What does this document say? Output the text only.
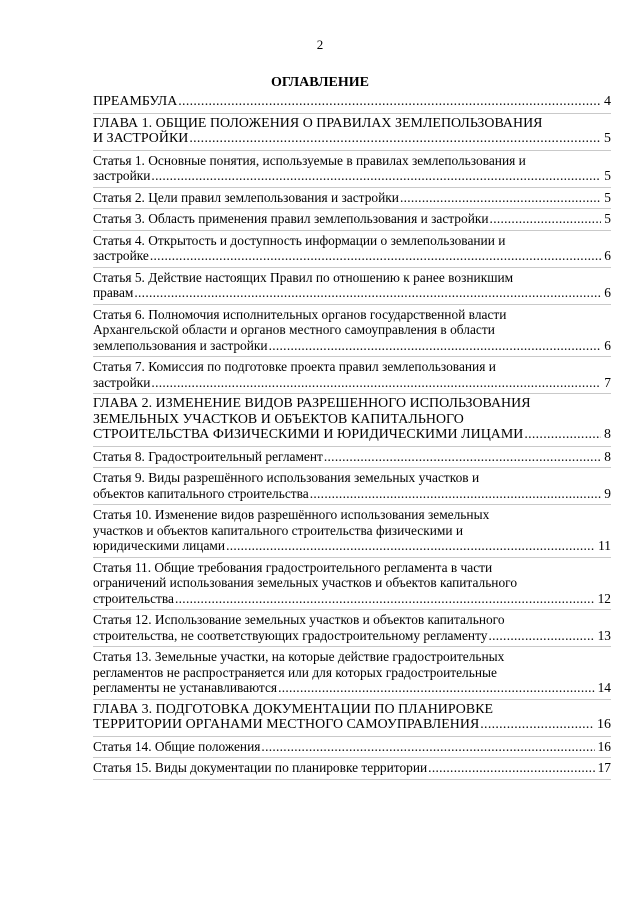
2
ОГЛАВЛЕНИЕ
ПРЕАМБУЛА .....	4
ГЛАВА 1. ОБЩИЕ ПОЛОЖЕНИЯ О ПРАВИЛАХ ЗЕМЛЕПОЛЬЗОВАНИЯ
И ЗАСТРОЙКИ .....	5
Статья 1. Основные понятия, используемые в правилах землепользования и
застройки .....	5
Статья 2. Цели правил землепользования и застройки .....	5
Статья 3. Область применения правил землепользования и застройки .....	5
Статья 4. Открытость и доступность информации о землепользовании и
застройке .....	6
Статья 5. Действие настоящих Правил по отношению к ранее возникшим
правам .....	6
Статья 6. Полномочия исполнительных органов государственной власти
Архангельской области и органов местного самоуправления в области
землепользования и застройки .....	6
Статья 7. Комиссия по подготовке проекта правил землепользования и
застройки .....	7
ГЛАВА 2. ИЗМЕНЕНИЕ ВИДОВ РАЗРЕШЕННОГО ИСПОЛЬЗОВАНИЯ
ЗЕМЕЛЬНЫХ УЧАСТКОВ И ОБЪЕКТОВ КАПИТАЛЬНОГО
СТРОИТЕЛЬСТВА ФИЗИЧЕСКИМИ И ЮРИДИЧЕСКИМИ ЛИЦАМИ .....	8
Статья 8. Градостроительный регламент .....	8
Статья 9. Виды разрешённого использования земельных участков и
объектов капитального строительства .....	9
Статья 10. Изменение видов разрешённого использования земельных
участков и объектов капитального строительства физическими и
юридическими лицами .....	11
Статья 11. Общие требования градостроительного регламента в части
ограничений использования земельных участков и объектов капитального
строительства .....	12
Статья 12. Использование земельных участков и объектов капитального
строительства, не соответствующих градостроительному регламенту .....	13
Статья 13. Земельные участки, на которые действие градостроительных
регламентов не распространяется или для которых градостроительные
регламенты не устанавливаются .....	14
ГЛАВА 3. ПОДГОТОВКА ДОКУМЕНТАЦИИ ПО ПЛАНИРОВКЕ
ТЕРРИТОРИИ ОРГАНАМИ МЕСТНОГО САМОУПРАВЛЕНИЯ .....	16
Статья 14. Общие положения .....	16
Статья 15. Виды документации по планировке территории .....	17
